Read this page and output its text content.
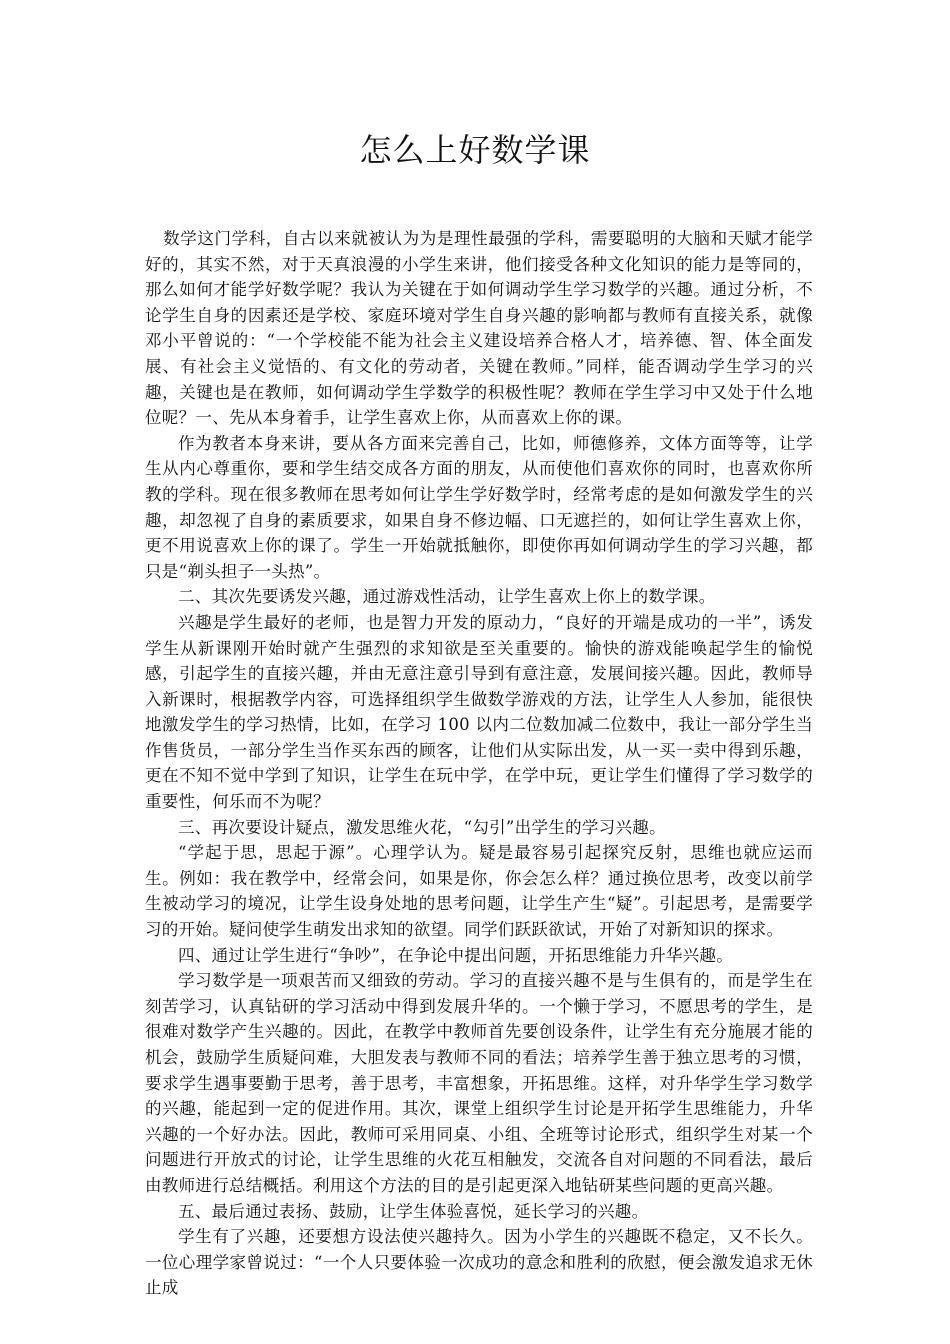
怎么上好数学课

数学这门学科，自古以来就被认为为是理性最强的学科，需要聪明的大脑和天赋才能学好的，其实不然，对于天真浪漫的小学生来讲，他们接受各种文化知识的能力是等同的，那么如何才能学好数学呢？我认为关键在于如何调动学生学习数学的兴趣。通过分析，不论学生自身的因素还是学校、家庭环境对学生自身兴趣的影响都与教师有直接关系，就像邓小平曾说的：“一个学校能不能为社会主义建设培养合格人才，培养德、智、体全面发展、有社会主义觉悟的、有文化的劳动者，关键在教师。”同样，能否调动学生学习的兴趣，关键也是在教师，如何调动学生学数学的积极性呢？教师在学生学习中又处于什么地位呢？一、先从本身着手，让学生喜欢上你，从而喜欢上你的课。

作为教者本身来讲，要从各方面来完善自己，比如，师德修养，文体方面等等，让学生从内心尊重你，要和学生结交成各方面的朋友，从而使他们喜欢你的同时，也喜欢你所教的学科。现在很多教师在思考如何让学生学好数学时，经常考虑的是如何激发学生的兴趣，却忽视了自身的素质要求，如果自身不修边幅、口无遮拦的，如何让学生喜欢上你，更不用说喜欢上你的课了。学生一开始就抵触你，即使你再如何调动学生的学习兴趣，都只是“剃头担子一头热”。

二、其次先要诱发兴趣，通过游戏性活动，让学生喜欢上你上的数学课。

兴趣是学生最好的老师，也是智力开发的原动力，“良好的开端是成功的一半”，诱发学生从新课刚开始时就产生强烈的求知欲是至关重要的。愉快的游戏能唤起学生的愉悦感，引起学生的直接兴趣，并由无意注意引导到有意注意，发展间接兴趣。因此，教师导入新课时，根据教学内容，可选择组织学生做数学游戏的方法，让学生人人参加，能很快地激发学生的学习热情，比如，在学习 100 以内二位数加减二位数中，我让一部分学生当作售货员，一部分学生当作买东西的顾客，让他们从实际出发，从一买一卖中得到乐趣，更在不知不觉中学到了知识，让学生在玩中学，在学中玩，更让学生们懂得了学习数学的重要性，何乐而不为呢？

三、再次要设计疑点，激发思维火花，“勾引”出学生的学习兴趣。

“学起于思，思起于源”。心理学认为。疑是最容易引起探究反射，思维也就应运而生。例如：我在教学中，经常会问，如果是你，你会怎么样？通过换位思考，改变以前学生被动学习的境况，让学生设身处地的思考问题，让学生产生“疑”。引起思考，是需要学习的开始。疑问使学生萌发出求知的欲望。同学们跃跃欲试，开始了对新知识的探求。

四、通过让学生进行“争吵”，在争论中提出问题，开拓思维能力升华兴趣。

学习数学是一项艰苦而又细致的劳动。学习的直接兴趣不是与生俱有的，而是学生在刻苦学习，认真钻研的学习活动中得到发展升华的。一个懒于学习，不愿思考的学生，是很难对数学产生兴趣的。因此，在教学中教师首先要创设条件，让学生有充分施展才能的机会，鼓励学生质疑问难，大胆发表与教师不同的看法；培养学生善于独立思考的习惯，要求学生遇事要勤于思考，善于思考，丰富想象，开拓思维。这样，对升华学生学习数学的兴趣，能起到一定的促进作用。其次，课堂上组织学生讨论是开拓学生思维能力，升华兴趣的一个好办法。因此，教师可采用同桌、小组、全班等讨论形式，组织学生对某一个问题进行开放式的讨论，让学生思维的火花互相触发，交流各自对问题的不同看法，最后由教师进行总结概括。利用这个方法的目的是引起更深入地钻研某些问题的更高兴趣。

五、最后通过表扬、鼓励，让学生体验喜悦，延长学习的兴趣。

学生有了兴趣，还要想方设法使兴趣持久。因为小学生的兴趣既不稳定，又不长久。一位心理学家曾说过：“一个人只要体验一次成功的意念和胜利的欣慰，便会激发追求无休止成
